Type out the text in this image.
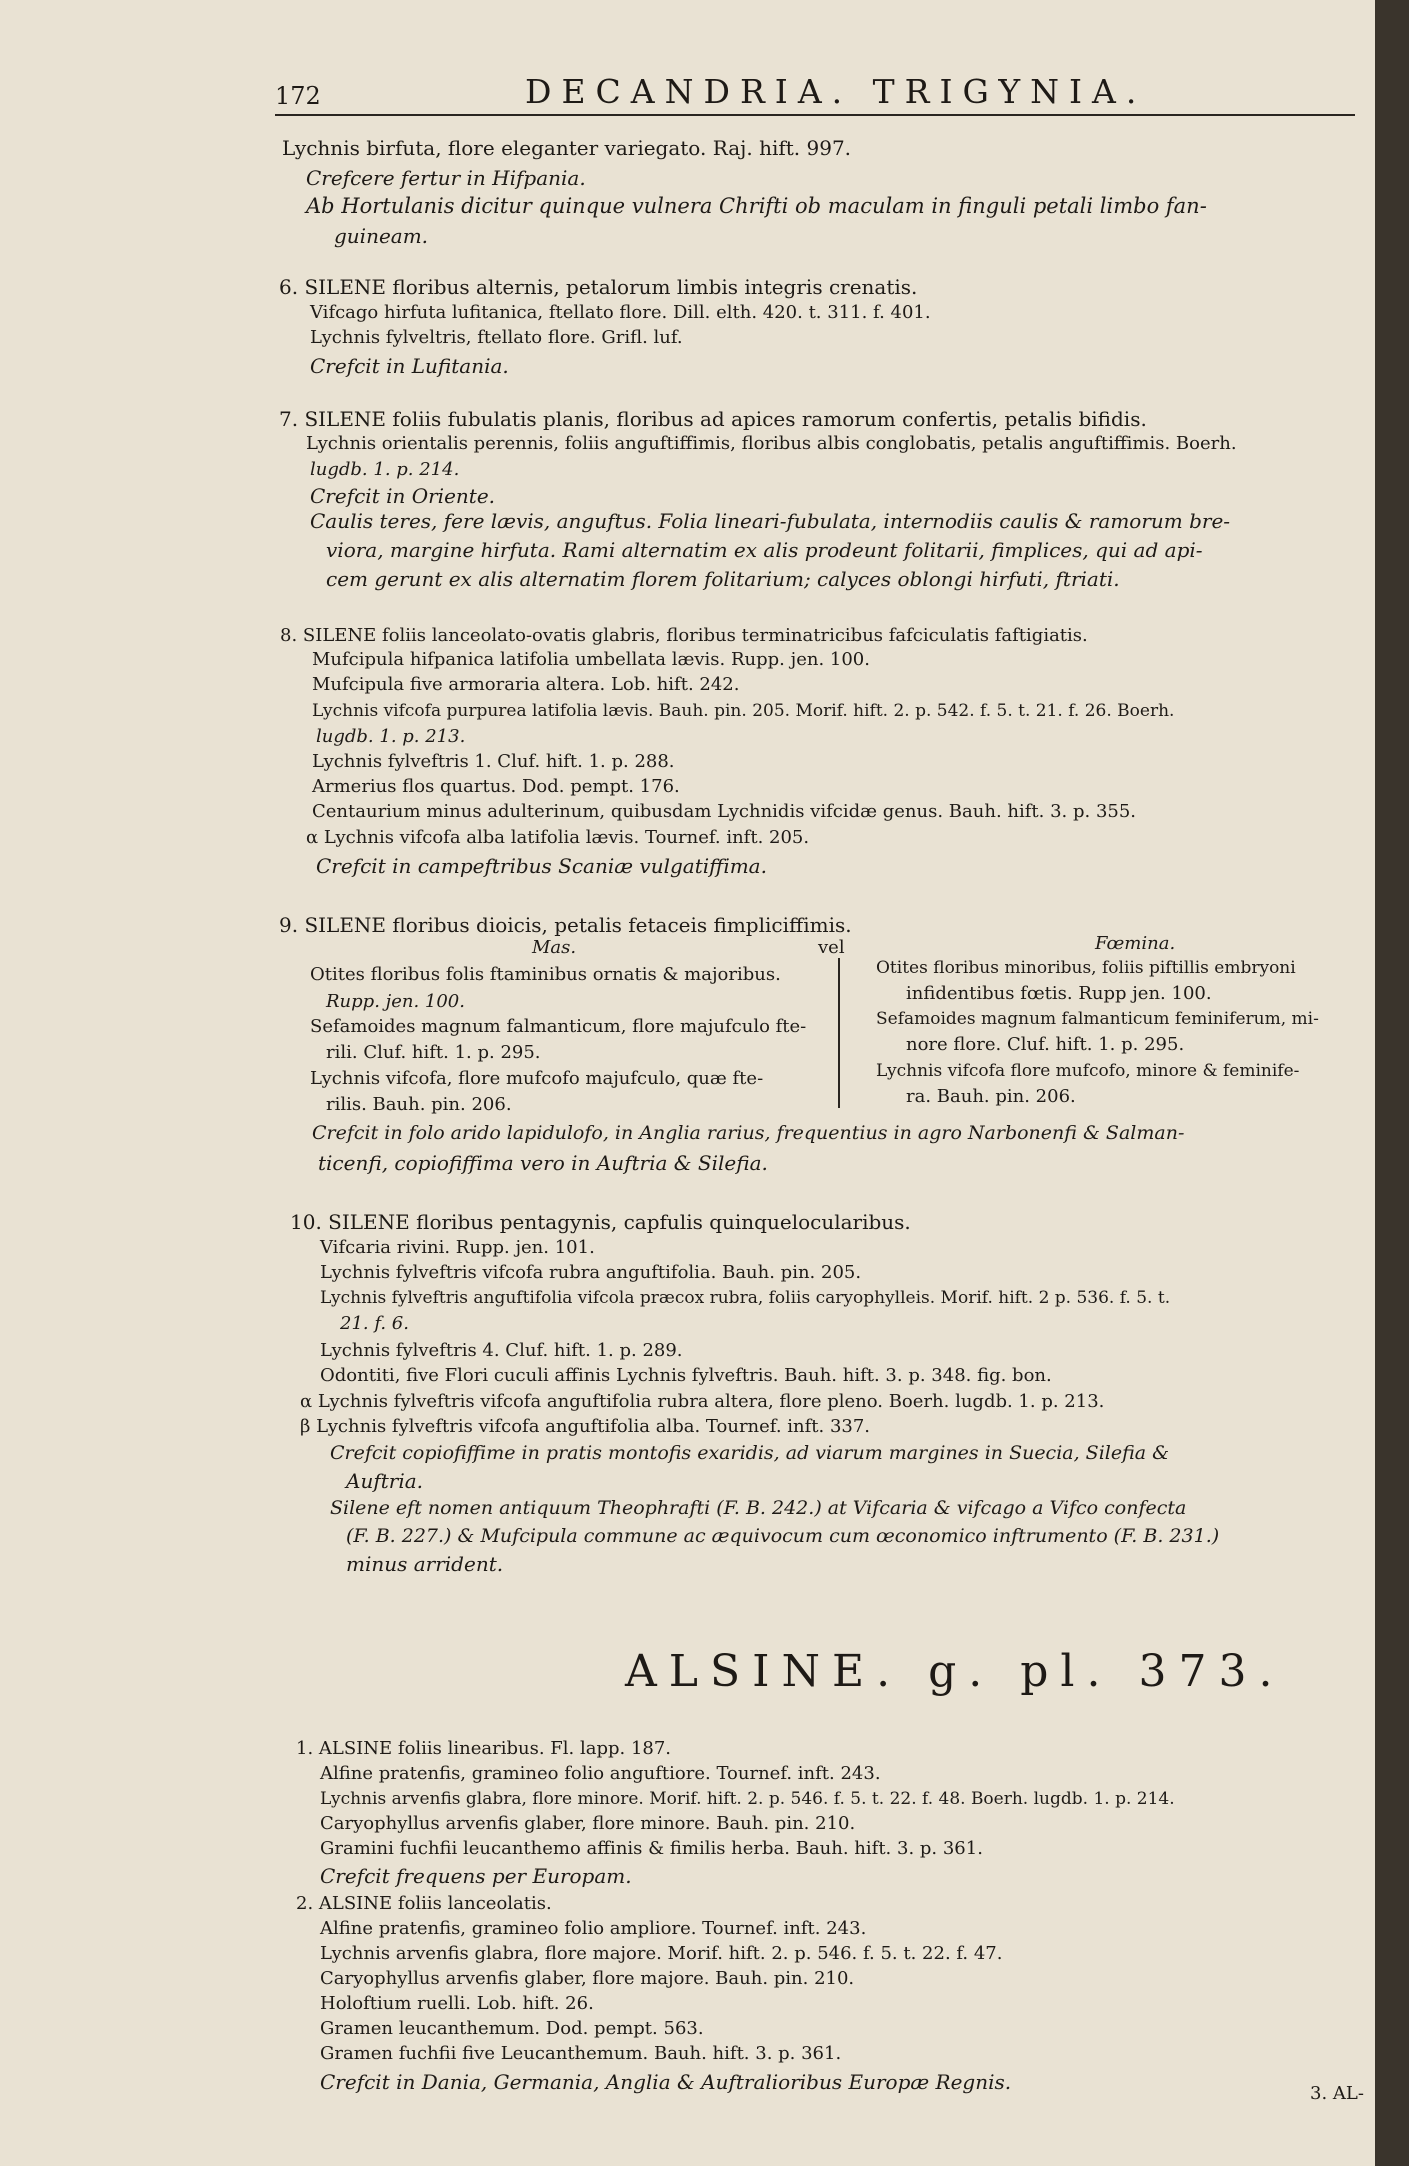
172	DECANDRIA. TRIGYNIA.
Lychnis birfuta, flore eleganter variegato. Raj. hift. 997.
Crefcere fertur in Hifpania.
Ab Hortulanis dicitur quinque vulnera Chrifti ob maculam in finguli petali limbo fan-
guineam.
6. SILENE floribus alternis, petalorum limbis integris crenatis.
Vifcago hirfuta lufitanica, ftellato flore. Dill. elth. 420. t. 311. f. 401.
Lychnis fylveltris, ftellato flore. Grifl. luf.
Crefcit in Lufitania.
7. SILENE foliis fubulatis planis, floribus ad apices ramorum confertis, petalis bifidis.
Lychnis orientalis perennis, foliis anguftiffimis, floribus albis conglobatis, petalis anguftiffimis. Boerh.
lugdb. 1. p. 214.
Crefcit in Oriente.
Caulis teres, fere lævis, anguftus. Folia lineari-fubulata, internodiis caulis & ramorum bre-
viora, margine hirfuta. Rami alternatim ex alis prodeunt folitarii, fimplices, qui ad api-
cem gerunt ex alis alternatim florem folitarium; calyces oblongi hirfuti, ftriati.
8. SILENE foliis lanceolato-ovatis glabris, floribus terminatricibus fafciculatis faftigiatis.
Mufcipula hifpanica latifolia umbellata lævis. Rupp. jen. 100.
Mufcipula five armoraria altera. Lob. hift. 242.
Lychnis vifcofa purpurea latifolia lævis. Bauh. pin. 205. Morif. hift. 2. p. 542. f. 5. t. 21. f. 26. Boerh.
lugdb. 1. p. 213.
Lychnis fylveftris 1. Cluf. hift. 1. p. 288.
Armerius flos quartus. Dod. pempt. 176.
Centaurium minus adulterinum, quibusdam Lychnidis vifcidæ genus. Bauh. hift. 3. p. 355.
α Lychnis vifcofa alba latifolia lævis. Tournef. inft. 205.
Crefcit in campeftribus Scaniæ vulgatiffima.
9. SILENE floribus dioicis, petalis fetaceis fimpliciffimis.
Mas.	vel	Fœmina.
Otites floribus folis ftaminibus ornatis & majoribus.
Rupp. jen. 100.
Sefamoides magnum falmanticum, flore majufculo fte-
rili. Cluf. hift. 1. p. 295.
Lychnis vifcofa, flore mufcofo majufculo, quæ fte-
rilis. Bauh. pin. 206.
Otites floribus minoribus, foliis piftillis embryoni
infidentibus fœtis. Rupp jen. 100.
Sefamoides magnum falmanticum feminiferum, mi-
nore flore. Cluf. hift. 1. p. 295.
Lychnis vifcofa flore mufcofo, minore & feminife-
ra. Bauh. pin. 206.
Crefcit in folo arido lapidulofo, in Anglia rarius, frequentius in agro Narbonenfi & Salman-
ticenfi, copiofiffima vero in Auftria & Silefia.
10. SILENE floribus pentagynis, capfulis quinquelocularibus.
Vifcaria rivini. Rupp. jen. 101.
Lychnis fylveftris vifcofa rubra anguftifolia. Bauh. pin. 205.
Lychnis fylveftris anguftifolia vifcola præcox rubra, foliis caryophylleis. Morif. hift. 2 p. 536. f. 5. t.
21. f. 6.
Lychnis fylveftris 4. Cluf. hift. 1. p. 289.
Odontiti, five Flori cuculi affinis Lychnis fylveftris. Bauh. hift. 3. p. 348. fig. bon.
α Lychnis fylveftris vifcofa anguftifolia rubra altera, flore pleno. Boerh. lugdb. 1. p. 213.
β Lychnis fylveftris vifcofa anguftifolia alba. Tournef. inft. 337.
Crefcit copiofiffime in pratis montofis exaridis, ad viarum margines in Suecia, Silefia &
Auftria.
Silene eft nomen antiquum Theophrafti (F. B. 242.) at Vifcaria & vifcago a Vifco confecta
(F. B. 227.) & Mufcipula commune ac æquivocum cum œconomico inftrumento (F. B. 231.)
minus arrident.
ALSINE. g. pl. 373.
1. ALSINE foliis linearibus. Fl. lapp. 187.
Alfine pratenfis, gramineo folio anguftiore. Tournef. inft. 243.
Lychnis arvenfis glabra, flore minore. Morif. hift. 2. p. 546. f. 5. t. 22. f. 48. Boerh. lugdb. 1. p. 214.
Caryophyllus arvenfis glaber, flore minore. Bauh. pin. 210.
Gramini fuchfii leucanthemo affinis & fimilis herba. Bauh. hift. 3. p. 361.
Crefcit frequens per Europam.
2. ALSINE foliis lanceolatis.
Alfine pratenfis, gramineo folio ampliore. Tournef. inft. 243.
Lychnis arvenfis glabra, flore majore. Morif. hift. 2. p. 546. f. 5. t. 22. f. 47.
Caryophyllus arvenfis glaber, flore majore. Bauh. pin. 210.
Holoftium ruelli. Lob. hift. 26.
Gramen leucanthemum. Dod. pempt. 563.
Gramen fuchfii five Leucanthemum. Bauh. hift. 3. p. 361.
Crefcit in Dania, Germania, Anglia & Auftralioribus Europæ Regnis.	3. AL-
